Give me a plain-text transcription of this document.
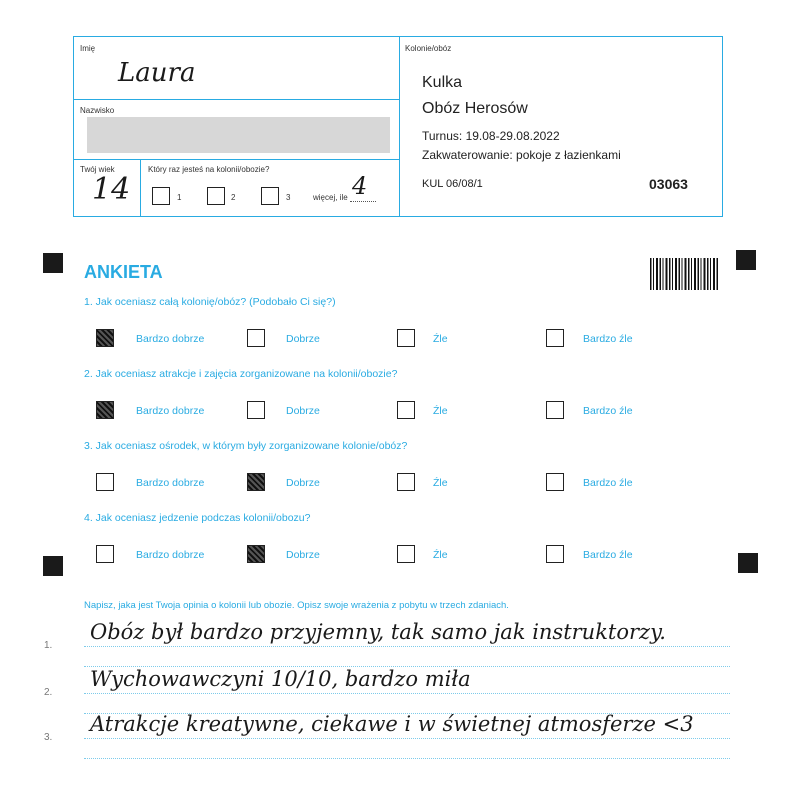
Imię
Laura
Nazwisko
Twój wiek
14
Który raz jesteś na kolonii/obozie?
1	2	3	więcej, ile 4
Kolonie/obóz
Kulka
Obóz Herosów
Turnus: 19.08-29.08.2022
Zakwaterowanie: pokoje z łazienkami
KUL 06/08/1	03063
ANKIETA
1. Jak oceniasz całą kolonię/obóz? (Podobało Ci się?)
Bardzo dobrze	Dobrze	Źle	Bardzo źle
2. Jak oceniasz atrakcje i zajęcia zorganizowane na kolonii/obozie?
Bardzo dobrze	Dobrze	Źle	Bardzo źle
3. Jak oceniasz ośrodek, w którym były zorganizowane kolonie/obóz?
Bardzo dobrze	Dobrze	Źle	Bardzo źle
4. Jak oceniasz jedzenie podczas kolonii/obozu?
Bardzo dobrze	Dobrze	Źle	Bardzo źle
Napisz, jaka jest Twoja opinia o kolonii lub obozie. Opisz swoje wrażenia z pobytu w trzech zdaniach.
1.
Obóz był bardzo przyjemny, tak samo jak instruktorzy.
2.
Wychowawczyni 10/10, bardzo miła
3.
Atrakcje kreatywne, ciekawe i w świetnej atmosferze <3
